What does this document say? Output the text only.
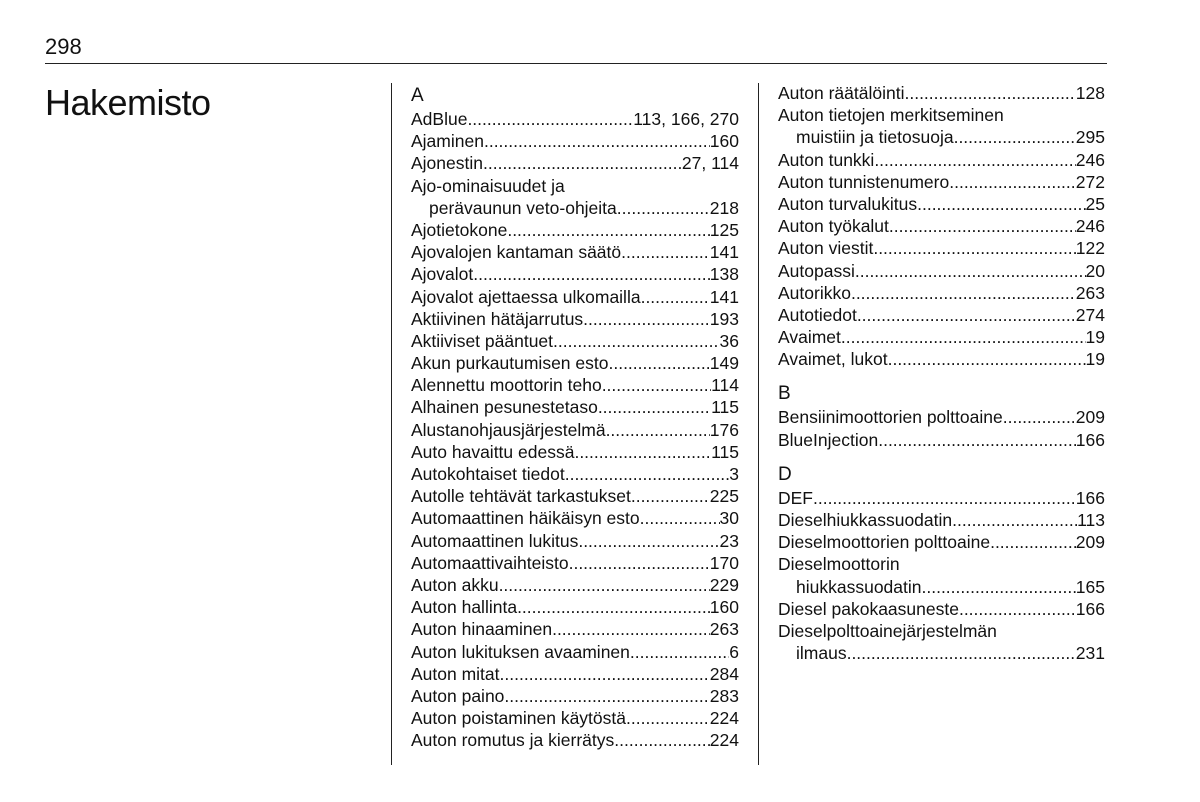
298
Hakemisto	A
AdBlue .....	113, 166, 270
Ajaminen .....	160
Ajonestin .....	27, 114
Ajo-ominaisuudet ja
perävaunun veto-ohjeita .....	218
Ajotietokone .....	125
Ajovalojen kantaman säätö .....	141
Ajovalot .....	138
Ajovalot ajettaessa ulkomailla .....	141
Aktiivinen hätäjarrutus .....	193
Aktiiviset pääntuet .....	36
Akun purkautumisen esto .....	149
Alennettu moottorin teho .....	114
Alhainen pesunestetaso .....	115
Alustanohjausjärjestelmä .....	176
Auto havaittu edessä .....	115
Autokohtaiset tiedot .....	3
Autolle tehtävät tarkastukset .....	225
Automaattinen häikäisyn esto .....	30
Automaattinen lukitus .....	23
Automaattivaihteisto .....	170
Auton akku .....	229
Auton hallinta .....	160
Auton hinaaminen .....	263
Auton lukituksen avaaminen .....	6
Auton mitat .....	284
Auton paino .....	283
Auton poistaminen käytöstä .....	224
Auton romutus ja kierrätys .....	224
Auton räätälöinti .....	128
Auton tietojen merkitseminen
muistiin ja tietosuoja .....	295
Auton tunkki .....	246
Auton tunnistenumero .....	272
Auton turvalukitus .....	25
Auton työkalut .....	246
Auton viestit .....	122
Autopassi .....	20
Autorikko .....	263
Autotiedot .....	274
Avaimet .....	19
Avaimet, lukot .....	19
B
Bensiinimoottorien polttoaine .....	209
BlueInjection .....	166
D
DEF .....	166
Dieselhiukkassuodatin .....	113
Dieselmoottorien polttoaine .....	209
Dieselmoottorin
hiukkassuodatin .....	165
Diesel pakokaasuneste .....	166
Dieselpolttoainejärjestelmän
ilmaus .....	231
